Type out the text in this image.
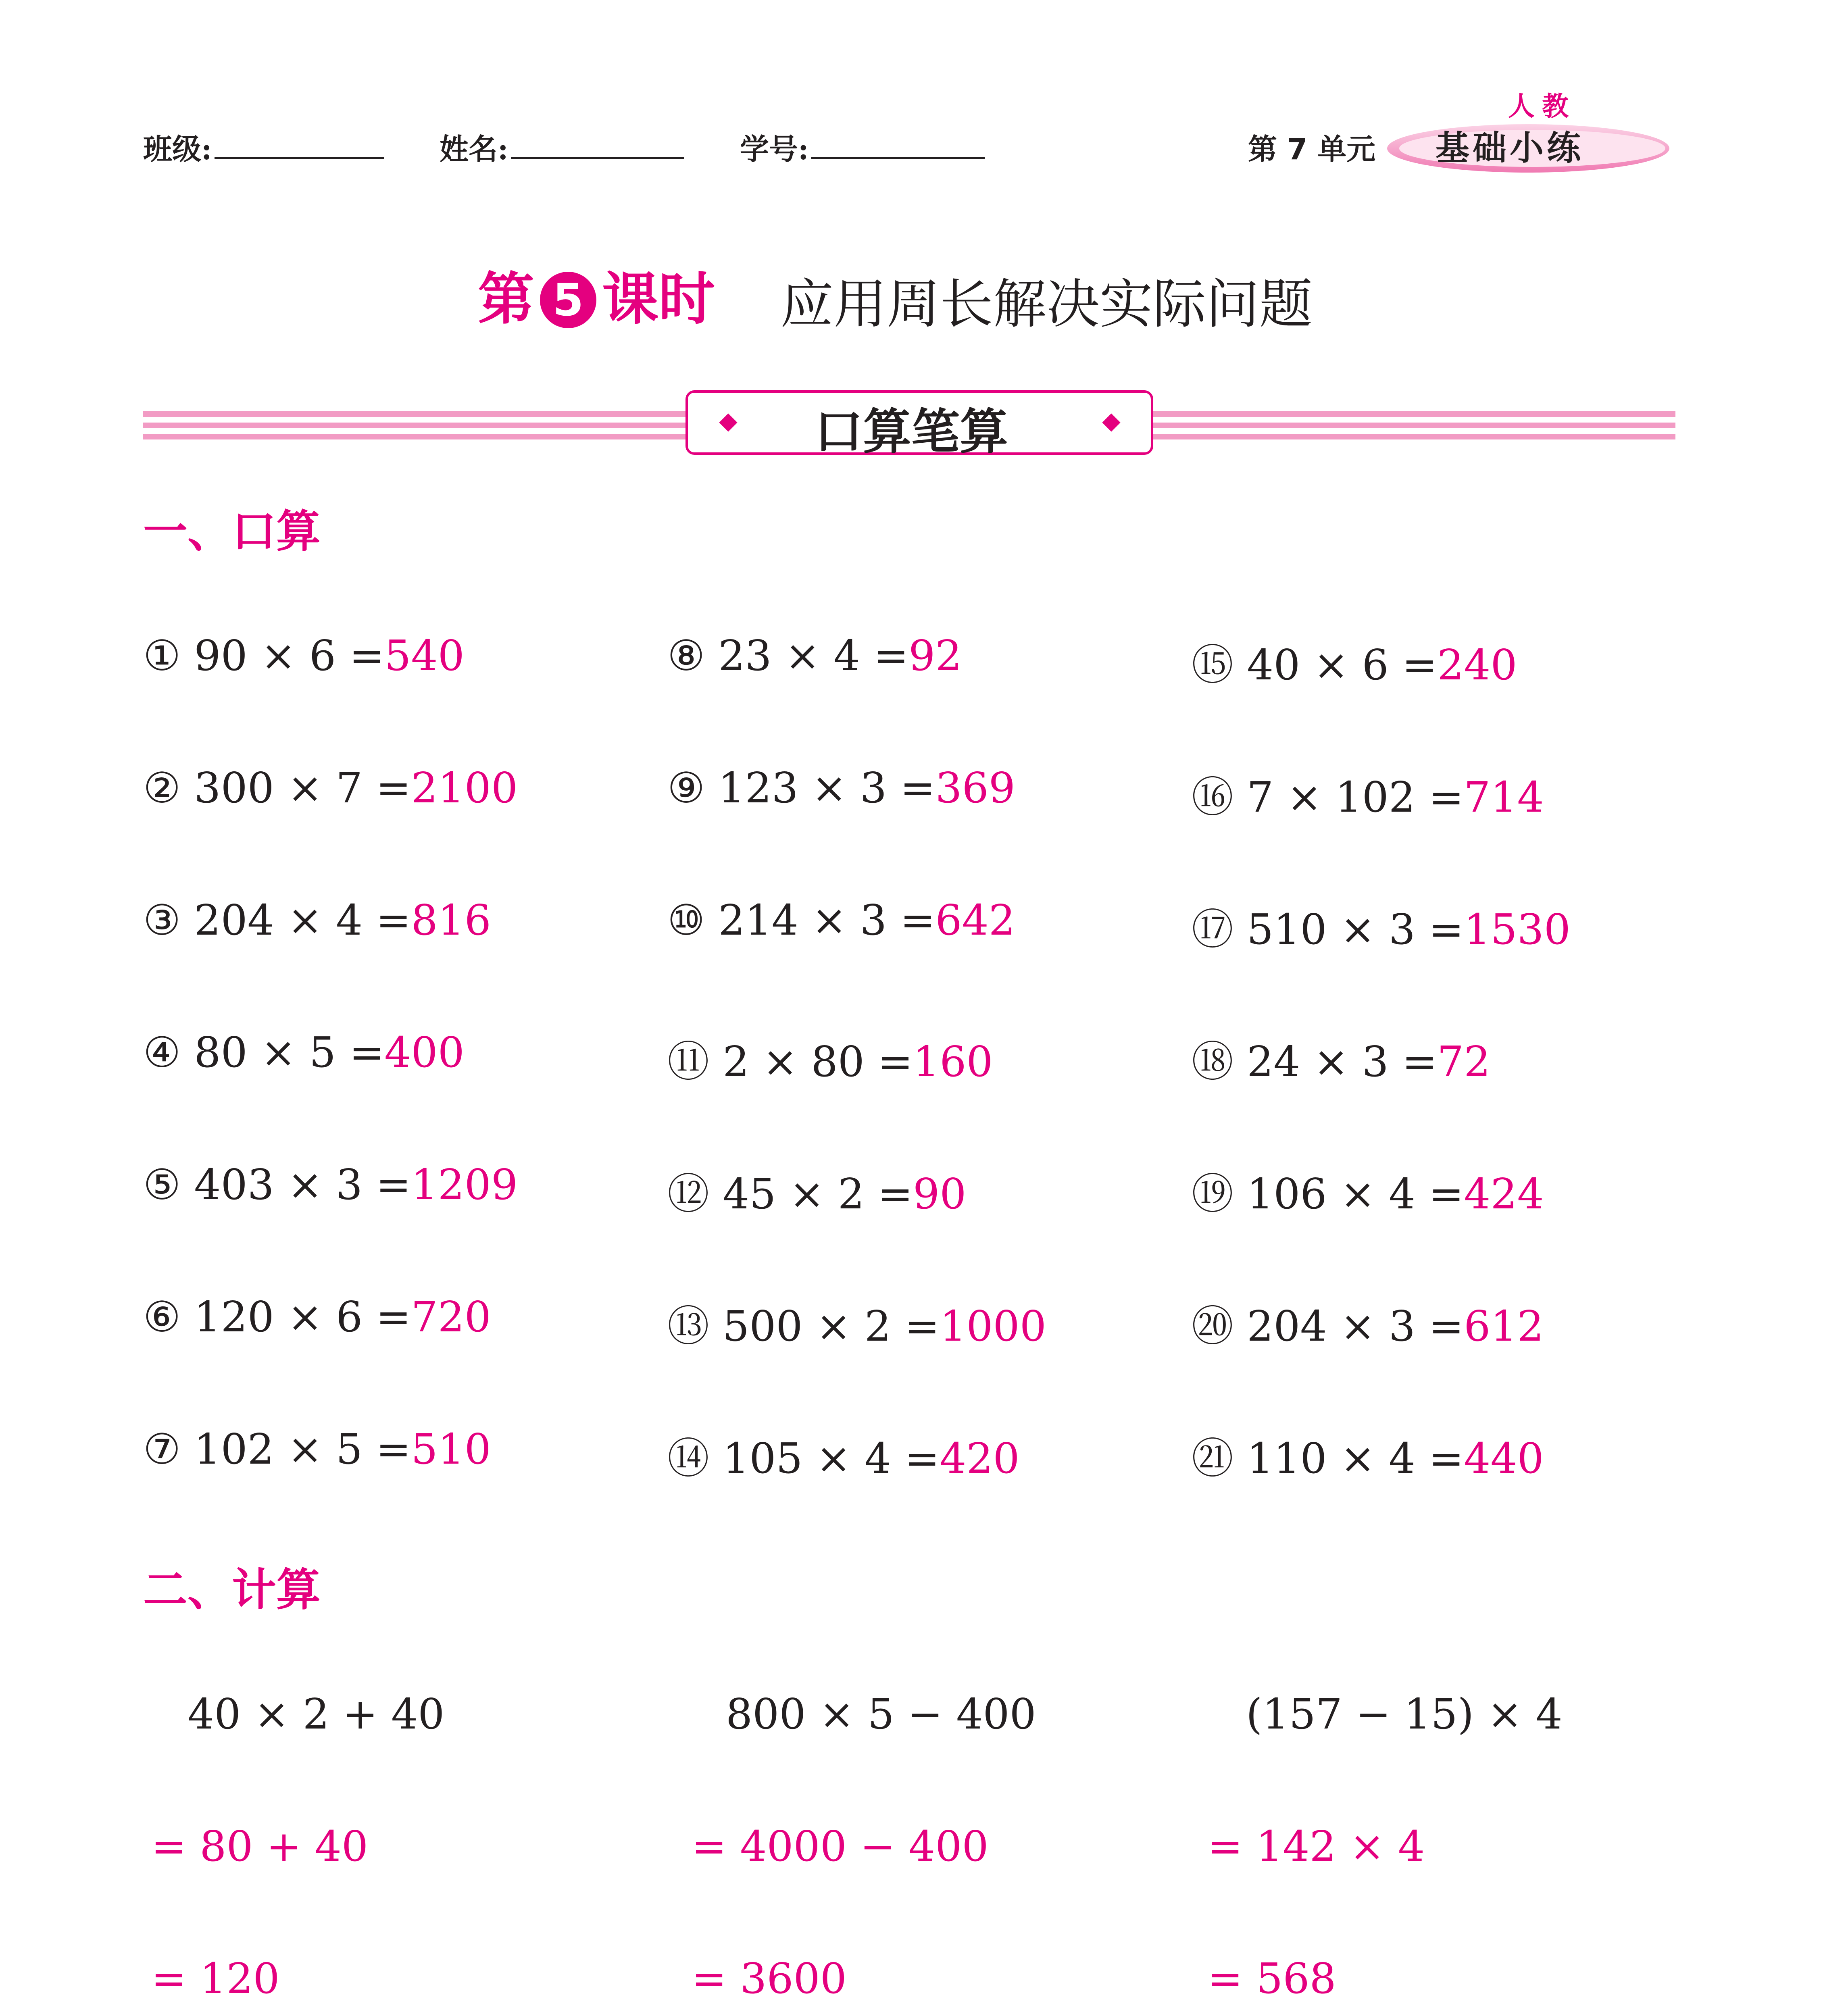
班级:	姓名:	学号:	第 7 单元
人教
基础小练
第 5 课时 应用周长解决实际问题
口算笔算
一、口算
① 90 × 6 =540
② 300 × 7 =2100
③ 204 × 4 =816
④ 80 × 5 =400
⑤ 403 × 3 =1209
⑥ 120 × 6 =720
⑦ 102 × 5 =510
⑧ 23 × 4 =92
⑨ 123 × 3 =369
⑩ 214 × 3 =642
⑪ 2 × 80 =160
⑫ 45 × 2 =90
⑬ 500 × 2 =1000
⑭ 105 × 4 =420
⑮ 40 × 6 =240
⑯ 7 × 102 =714
⑰ 510 × 3 =1530
⑱ 24 × 3 =72
⑲ 106 × 4 =424
⑳ 204 × 3 =612
㉑ 110 × 4 =440
二、计算
40 × 2 + 40
= 80 + 40
= 120
800 × 5 − 400
= 4000 − 400
= 3600
(157 − 15) × 4
= 142 × 4
= 568
